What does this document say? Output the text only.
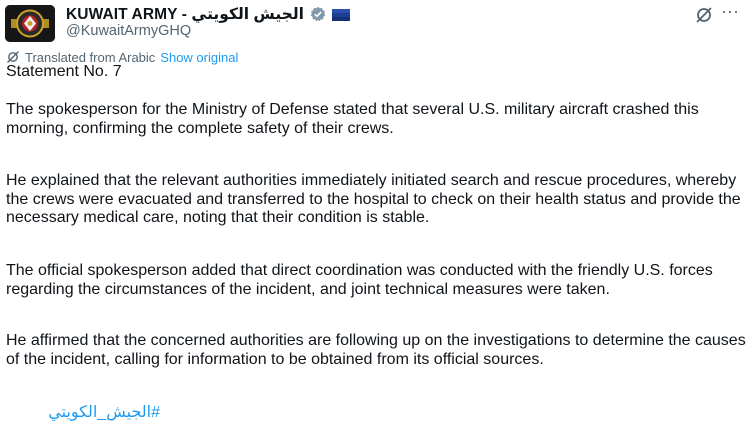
KUWAIT ARMY - الجيش الكويتي
@KuwaitArmyGHQ
···
Translated from Arabic Show original

Statement No. 7

The spokesperson for the Ministry of Defense stated that several U.S. military aircraft crashed this morning, confirming the complete safety of their crews.

He explained that the relevant authorities immediately initiated search and rescue procedures, whereby the crews were evacuated and transferred to the hospital to check on their health status and provide the necessary medical care, noting that their condition is stable.

The official spokesperson added that direct coordination was conducted with the friendly U.S. forces regarding the circumstances of the incident, and joint technical measures were taken.

He affirmed that the concerned authorities are following up on the investigations to determine the causes of the incident, calling for information to be obtained from its official sources.

#الجيش_الكويتي
